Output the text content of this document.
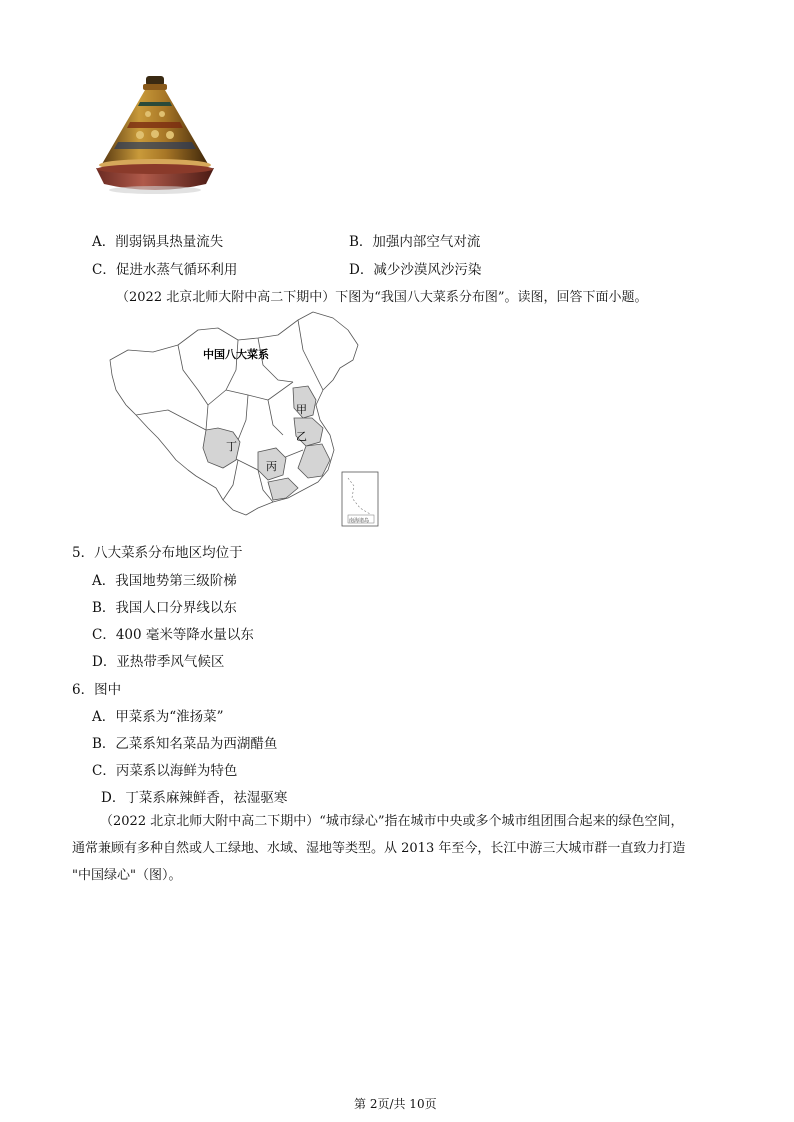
A．削弱锅具热量流失	B．加强内部空气对流
C．促进水蒸气循环利用	D．减少沙漠风沙污染
（2022 北京北师大附中高二下期中）下图为“我国八大菜系分布图”。读图，回答下面小题。
中国八大菜系
甲
乙
丙
丁
南海诸岛
5．八大菜系分布地区均位于
A．我国地势第三级阶梯
B．我国人口分界线以东
C．400 毫米等降水量以东
D．亚热带季风气候区
6．图中
A．甲菜系为“淮扬菜”
B．乙菜系知名菜品为西湖醋鱼
C．丙菜系以海鲜为特色
D．丁菜系麻辣鲜香，祛湿驱寒
（2022 北京北师大附中高二下期中）“城市绿心”指在城市中央或多个城市组团围合起来的绿色空间，
通常兼顾有多种自然或人工绿地、水域、湿地等类型。从 2013 年至今，长江中游三大城市群一直致力打造
"中国绿心"（图）。
第 2页/共 10页
